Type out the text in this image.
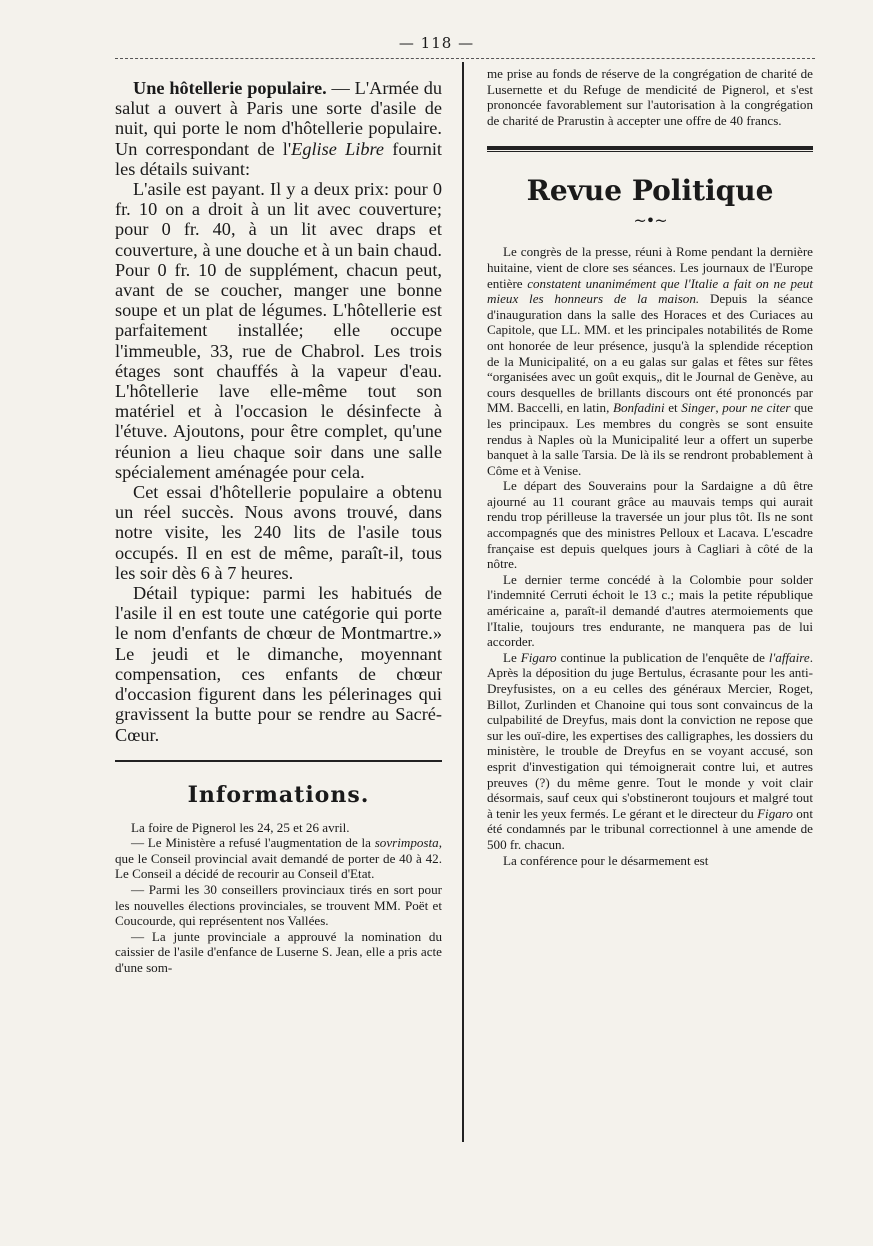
— 118 —

Une hôtellerie populaire. — L'Armée du salut a ouvert à Paris une sorte d'asile de nuit, qui porte le nom d'hôtellerie populaire. Un correspondant de l'Eglise Libre fournit les détails suivant:

L'asile est payant. Il y a deux prix: pour 0 fr. 10 on a droit à un lit avec couverture; pour 0 fr. 40, à un lit avec draps et couverture, à une douche et à un bain chaud. Pour 0 fr. 10 de supplément, chacun peut, avant de se coucher, manger une bonne soupe et un plat de légumes. L'hôtellerie est parfaitement installée; elle occupe l'immeuble, 33, rue de Chabrol. Les trois étages sont chauffés à la vapeur d'eau. L'hôtellerie lave elle-même tout son matériel et à l'occasion le désinfecte à l'étuve. Ajoutons, pour être complet, qu'une réunion a lieu chaque soir dans une salle spécialement aménagée pour cela.

Cet essai d'hôtellerie populaire a obtenu un réel succès. Nous avons trouvé, dans notre visite, les 240 lits de l'asile tous occupés. Il en est de même, paraît-il, tous les soir dès 6 à 7 heures.

Détail typique: parmi les habitués de l'asile il en est toute une catégorie qui porte le nom d'enfants de chœur de Montmartre.» Le jeudi et le dimanche, moyennant compensation, ces enfants de chœur d'occasion figurent dans les pélerinages qui gravissent la butte pour se rendre au Sacré-Cœur.

Informations.

La foire de Pignerol les 24, 25 et 26 avril.

— Le Ministère a refusé l'augmentation de la sovrimposta, que le Conseil provincial avait demandé de porter de 40 à 42. Le Conseil a décidé de recourir au Conseil d'Etat.

— Parmi les 30 conseillers provinciaux tirés en sort pour les nouvelles élections provinciales, se trouvent MM. Poët et Coucourde, qui représentent nos Vallées.

— La junte provinciale a approuvé la nomination du caissier de l'asile d'enfance de Luserne S. Jean, elle a pris acte d'une som-

me prise au fonds de réserve de la congrégation de charité de Lusernette et du Refuge de mendicité de Pignerol, et s'est prononcée favorablement sur l'autorisation à la congrégation de charité de Prarustin à accepter une offre de 40 francs.

Revue Politique
~•~

Le congrès de la presse, réuni à Rome pendant la dernière huitaine, vient de clore ses séances. Les journaux de l'Europe entière constatent unanimément que l'Italie a fait on ne peut mieux les honneurs de la maison. Depuis la séance d'inauguration dans la salle des Horaces et des Curiaces au Capitole, que LL. MM. et les principales notabilités de Rome ont honorée de leur présence, jusqu'à la splendide réception de la Municipalité, on a eu galas sur galas et fêtes sur fêtes “organisées avec un goût exquis„ dit le Journal de Genève, au cours desquelles de brillants discours ont été prononcés par MM. Baccelli, en latin, Bonfadini et Singer, pour ne citer que les principaux. Les membres du congrès se sont ensuite rendus à Naples où la Municipalité leur a offert un superbe banquet à la salle Tarsia. De là ils se rendront probablement à Côme et à Venise.

Le départ des Souverains pour la Sardaigne a dû être ajourné au 11 courant grâce au mauvais temps qui aurait rendu trop périlleuse la traversée un jour plus tôt. Ils ne sont accompagnés que des ministres Pelloux et Lacava. L'escadre française est depuis quelques jours à Cagliari à côté de la nôtre.

Le dernier terme concédé à la Colombie pour solder l'indemnité Cerruti échoit le 13 c.; mais la petite république américaine a, paraît-il demandé d'autres atermoiements que l'Italie, toujours tres endurante, ne manquera pas de lui accorder.

Le Figaro continue la publication de l'enquête de l'affaire. Après la déposition du juge Bertulus, écrasante pour les anti-Dreyfusistes, on a eu celles des généraux Mercier, Roget, Billot, Zurlinden et Chanoine qui tous sont convaincus de la culpabilité de Dreyfus, mais dont la conviction ne repose que sur les ouï-dire, les expertises des calligraphes, les dossiers du ministère, le trouble de Dreyfus en se voyant accusé, son esprit d'investigation qui témoignerait contre lui, et autres preuves (?) du même genre. Tout le monde y voit clair désormais, sauf ceux qui s'obstineront toujours et malgré tout à tenir les yeux fermés. Le gérant et le directeur du Figaro ont été condamnés par le tribunal correctionnel à une amende de 500 fr. chacun.

La conférence pour le désarmement est
